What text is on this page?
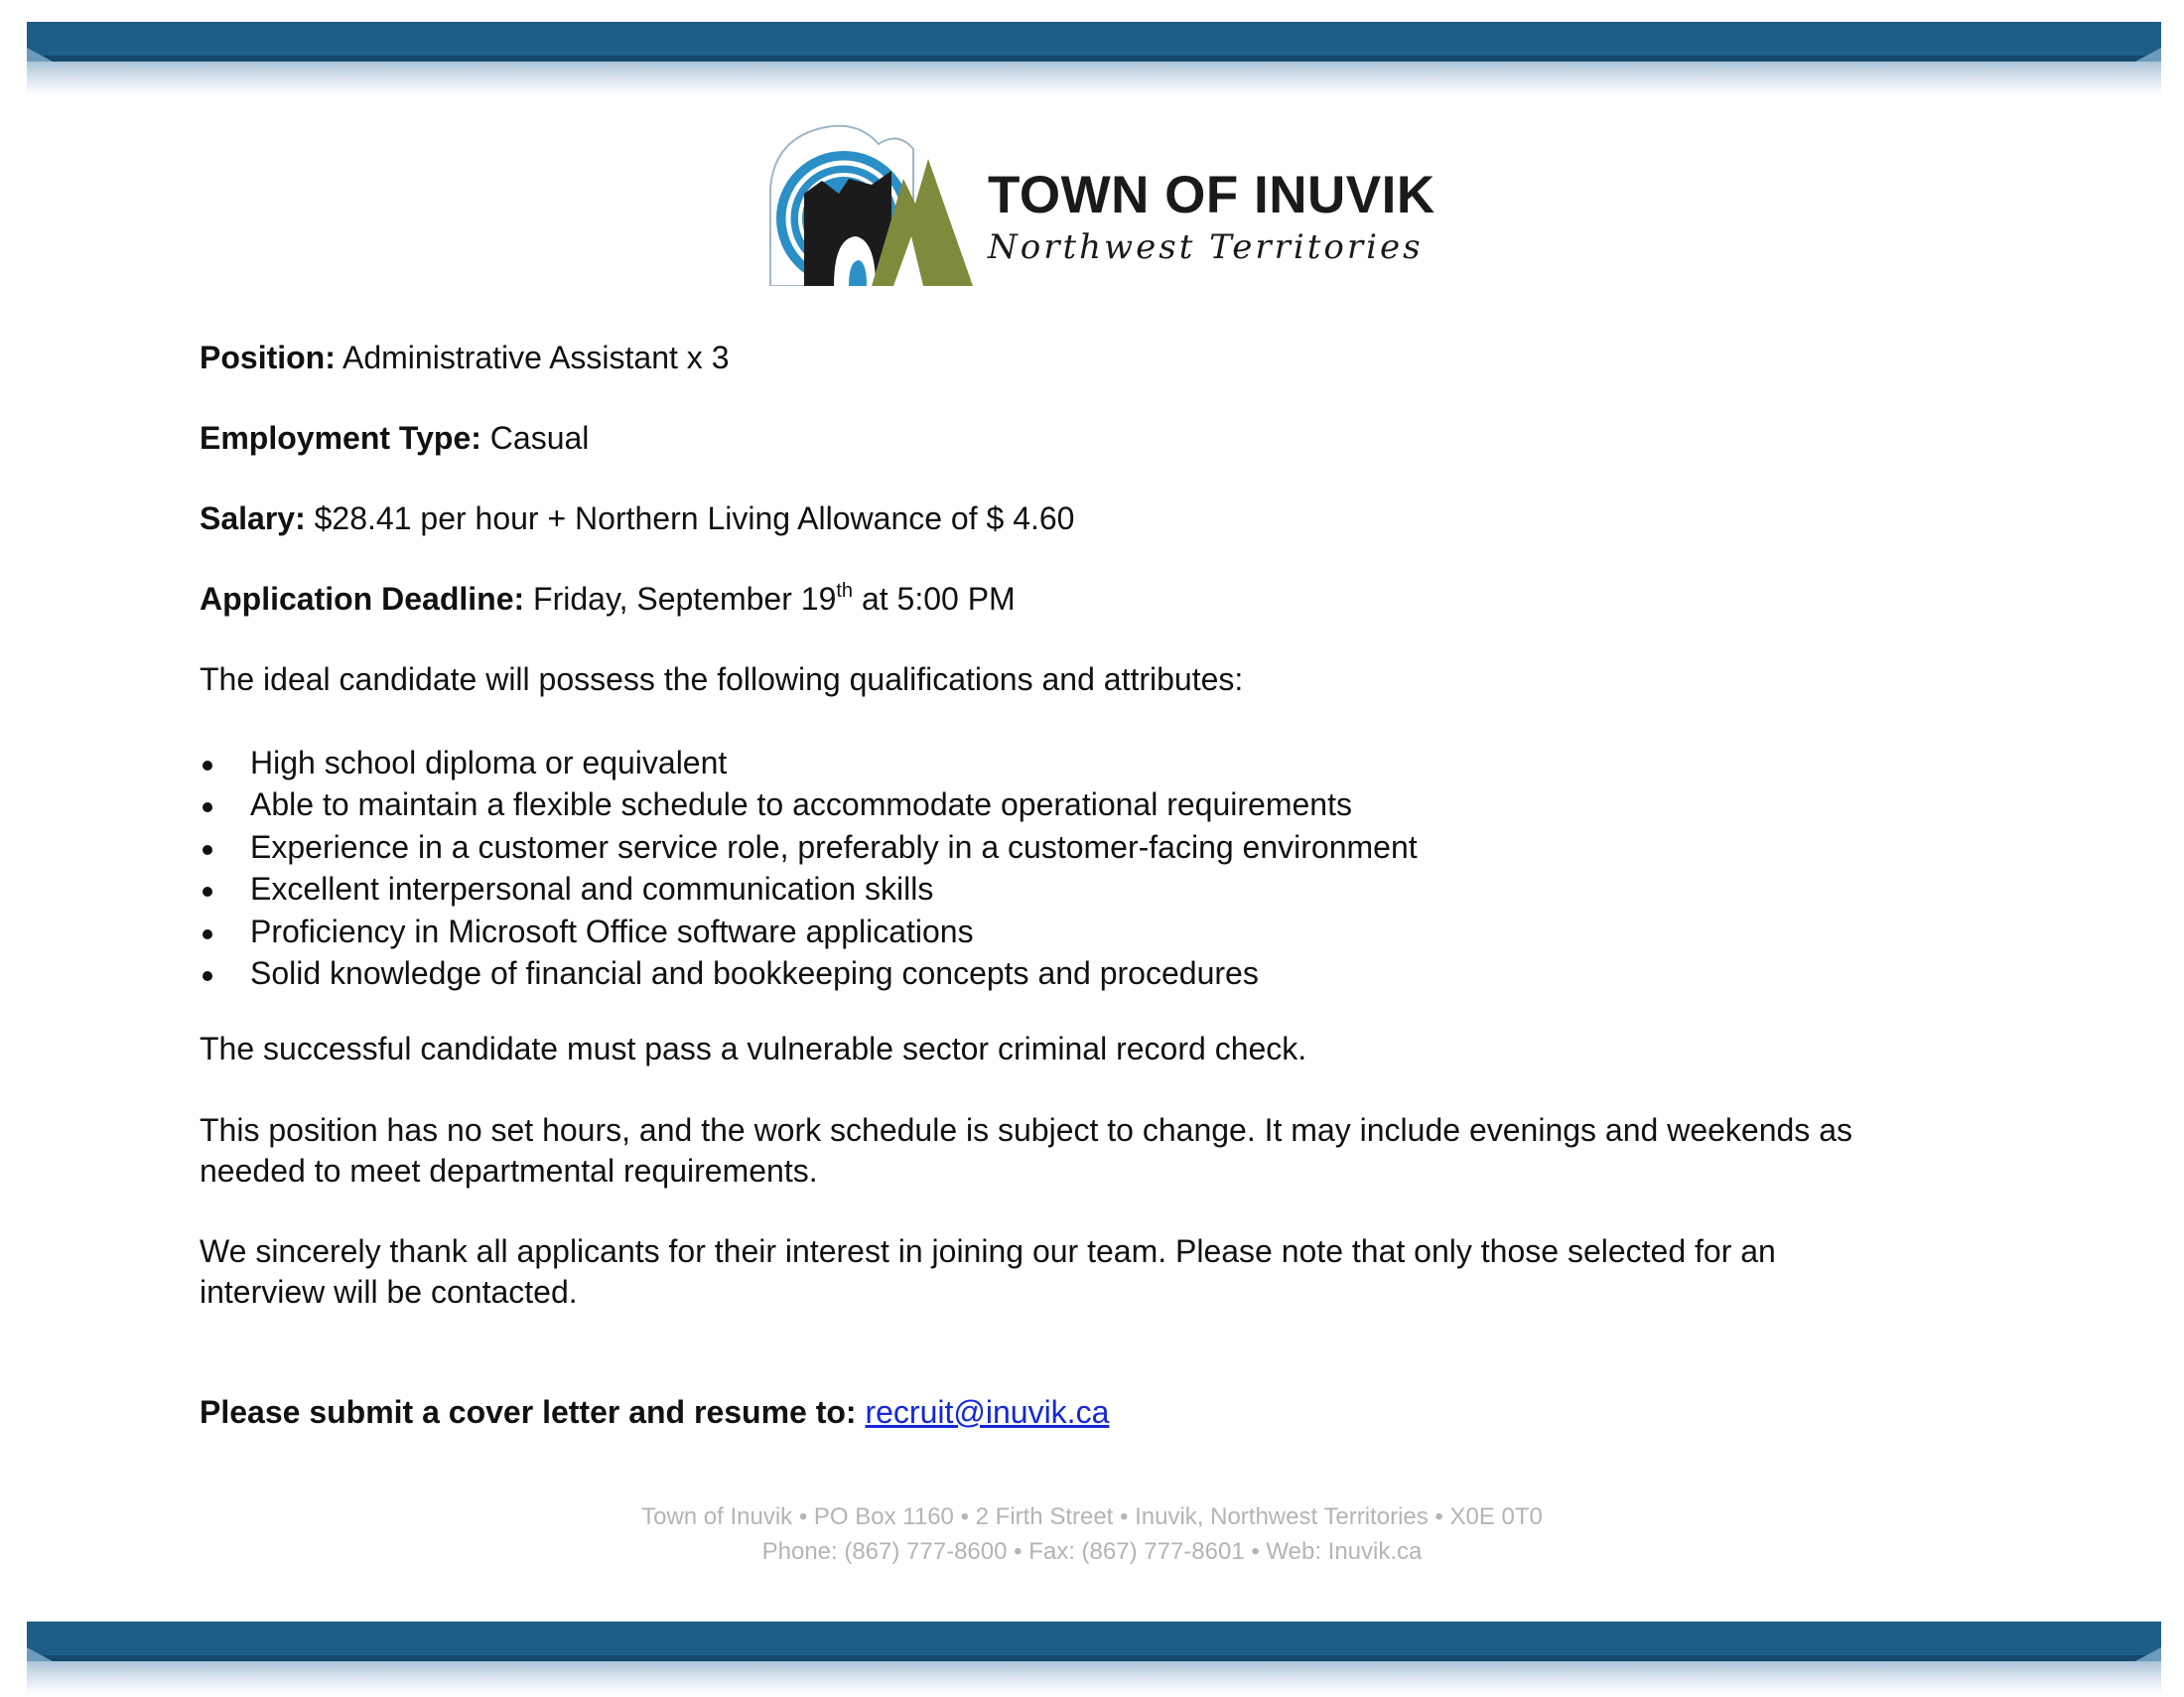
TOWN OF INUVIK
Northwest Territories
Position: Administrative Assistant x 3
Employment Type: Casual
Salary: $28.41 per hour + Northern Living Allowance of $ 4.60
Application Deadline: Friday, September 19th at 5:00 PM
The ideal candidate will possess the following qualifications and attributes:
High school diploma or equivalent
Able to maintain a flexible schedule to accommodate operational requirements
Experience in a customer service role, preferably in a customer-facing environment
Excellent interpersonal and communication skills
Proficiency in Microsoft Office software applications
Solid knowledge of financial and bookkeeping concepts and procedures
The successful candidate must pass a vulnerable sector criminal record check.
This position has no set hours, and the work schedule is subject to change. It may include evenings and weekends as
needed to meet departmental requirements.
We sincerely thank all applicants for their interest in joining our team. Please note that only those selected for an
interview will be contacted.
Please submit a cover letter and resume to: recruit@inuvik.ca
Town of Inuvik • PO Box 1160 • 2 Firth Street • Inuvik, Northwest Territories • X0E 0T0
Phone: (867) 777-8600 • Fax: (867) 777-8601 • Web: Inuvik.ca
